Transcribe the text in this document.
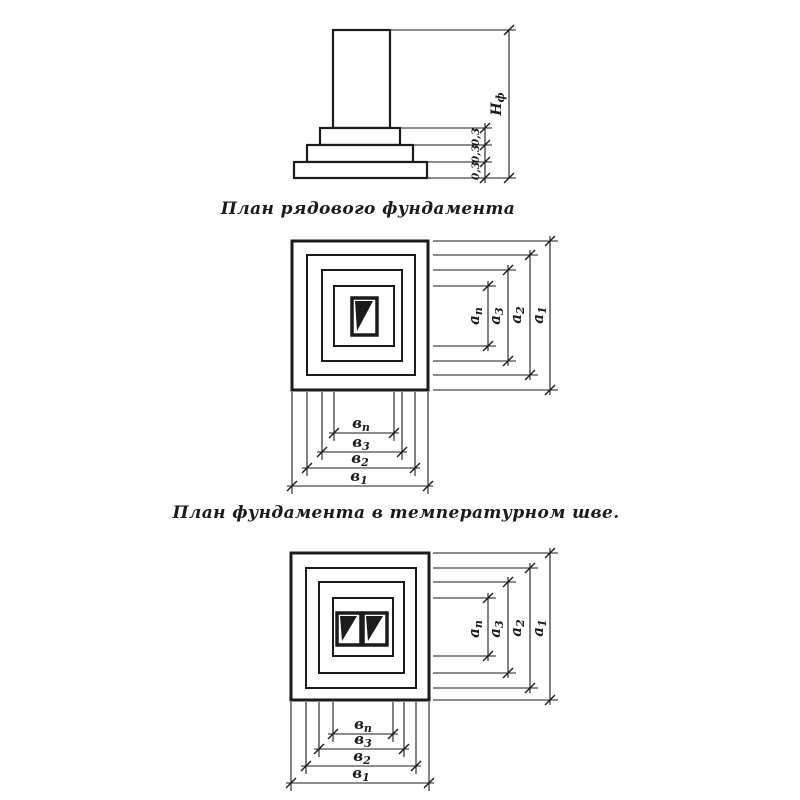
0,3
0,3
0,3
$Н_ф$
План рядового фундамента
$а_п$
$а_3$
$а_2$
$а_1$
$в_п$
$в_3$
$в_2$
$в_1$
План фундамента в температурном шве.
$а_п$
$а_3$
$а_2$
$а_1$
$в_п$
$в_3$
$в_2$
$в_1$
